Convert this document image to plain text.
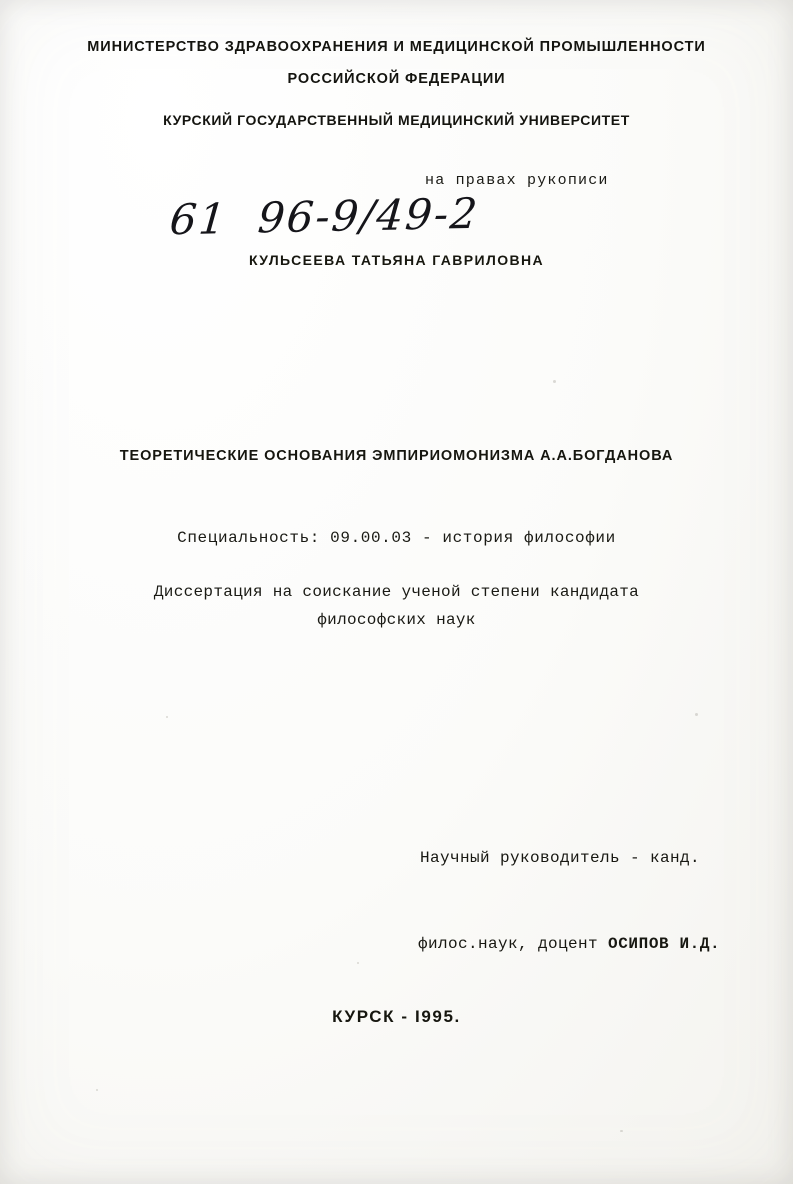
МИНИСТЕРСТВО ЗДРАВООХРАНЕНИЯ И МЕДИЦИНСКОЙ ПРОМЫШЛЕННОСТИ
РОССИЙСКОЙ ФЕДЕРАЦИИ
КУРСКИЙ ГОСУДАРСТВЕННЫЙ МЕДИЦИНСКИЙ УНИВЕРСИТЕТ

61  96-9/49-2

на правах рукописи
КУЛЬСЕЕВА ТАТЬЯНА ГАВРИЛОВНА
ТЕОРЕТИЧЕСКИЕ ОСНОВАНИЯ ЭМПИРИОМОНИЗМА А.А.БОГДАНОВА
Специальность: 09.00.03 - история философии
Диссертация на соискание ученой степени кандидата
философских наук

Научный руководитель - канд.

филос.наук, доцент ОСИПОВ И.Д.

КУРСК - I995.
